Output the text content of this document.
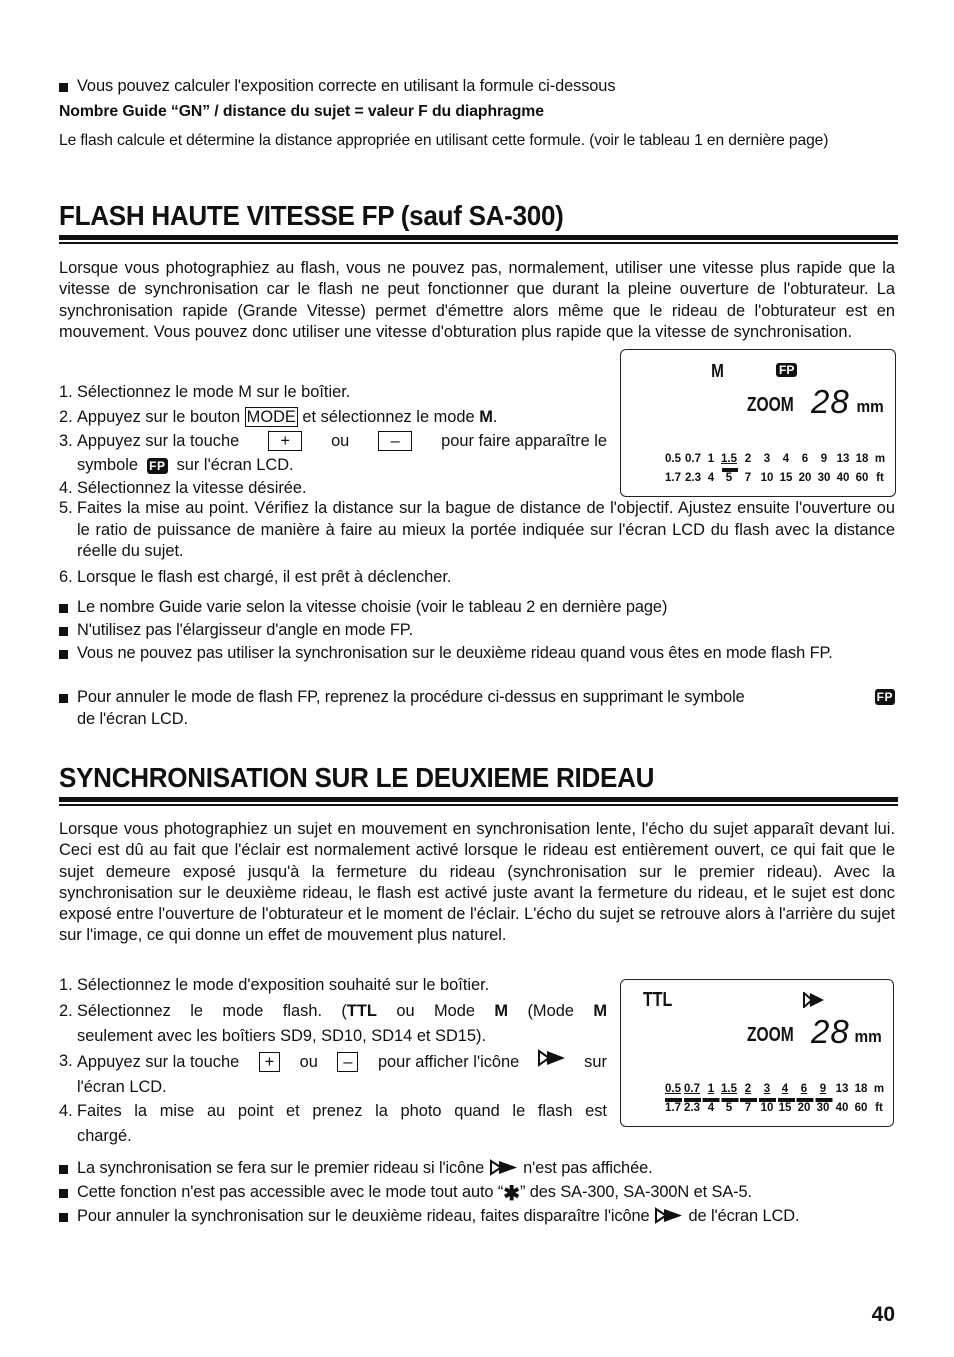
Vous pouvez calculer l'exposition correcte en utilisant la formule ci-dessous
Nombre Guide “GN” / distance du sujet = valeur F du diaphragme
Le flash calcule et détermine la distance appropriée en utilisant cette formule. (voir le tableau 1 en dernière page)
FLASH HAUTE VITESSE FP (sauf SA-300)
Lorsque vous photographiez au flash, vous ne pouvez pas, normalement, utiliser une vitesse plus rapide que la vitesse de synchronisation car le flash ne peut fonctionner que durant la pleine ouverture de l'obturateur. La synchronisation rapide (Grande Vitesse) permet d'émettre alors même que le rideau de l'obturateur est en mouvement. Vous pouvez donc utiliser une vitesse d'obturation plus rapide que la vitesse de synchronisation.
1. Sélectionnez le mode M sur le boîtier.
2. Appuyez sur le bouton MODE et sélectionnez le mode M.
3. Appuyez sur la touche	+	ou	–	pour faire apparaître le
symbole FP sur l'écran LCD.
4. Sélectionnez la vitesse désirée.
5. Faites la mise au point. Vérifiez la distance sur la bague de distance de l'objectif. Ajustez ensuite l'ouverture ou le ratio de puissance de manière à faire au mieux la portée indiquée sur l'écran LCD du flash avec la distance réelle du sujet.
6. Lorsque le flash est chargé, il est prêt à déclencher.
M	FP
ZOOM 28 mm
0.5 0.7 1 1.5 2 3 4 6 9 13 18 m
1.7 2.3 4 5 7 10 15 20 30 40 60 ft
Le nombre Guide varie selon la vitesse choisie (voir le tableau 2 en dernière page)
N'utilisez pas l'élargisseur d'angle en mode FP.
Vous ne pouvez pas utiliser la synchronisation sur le deuxième rideau quand vous êtes en mode flash FP.
Pour annuler le mode de flash FP, reprenez la procédure ci-dessus en supprimant le symbole	FP

de l'écran LCD.
SYNCHRONISATION SUR LE DEUXIEME RIDEAU
Lorsque vous photographiez un sujet en mouvement en synchronisation lente, l'écho du sujet apparaît devant lui. Ceci est dû au fait que l'éclair est normalement activé lorsque le rideau est entièrement ouvert, ce qui fait que le sujet demeure exposé jusqu'à la fermeture du rideau (synchronisation sur le premier rideau). Avec la synchronisation sur le deuxième rideau, le flash est activé juste avant la fermeture du rideau, et le sujet est donc exposé entre l'ouverture de l'obturateur et le moment de l'éclair. L'écho du sujet se retrouve alors à l'arrière du sujet sur l'image, ce qui donne un effet de mouvement plus naturel.
1. Sélectionnez le mode d'exposition souhaité sur le boîtier.
2. Sélectionnez le mode flash. (TTL ou Mode M (Mode M
seulement avec les boîtiers SD9, SD10, SD14 et SD15).
3. Appuyez sur la touche	+	ou	–	pour afficher l'icône	sur
l'écran LCD.
4. Faites la mise au point et prenez la photo quand le flash est
chargé.
TTL
ZOOM 28 mm
0.5 0.7 1 1.5 2 3 4 6 9 13 18 m
1.7 2.3 4 5 7 10 15 20 30 40 60 ft
La synchronisation se fera sur le premier rideau si l'icône n'est pas affichée.
Cette fonction n'est pas accessible avec le mode tout auto “✱” des SA-300, SA-300N et SA-5.
Pour annuler la synchronisation sur le deuxième rideau, faites disparaître l'icône de l'écran LCD.
40
